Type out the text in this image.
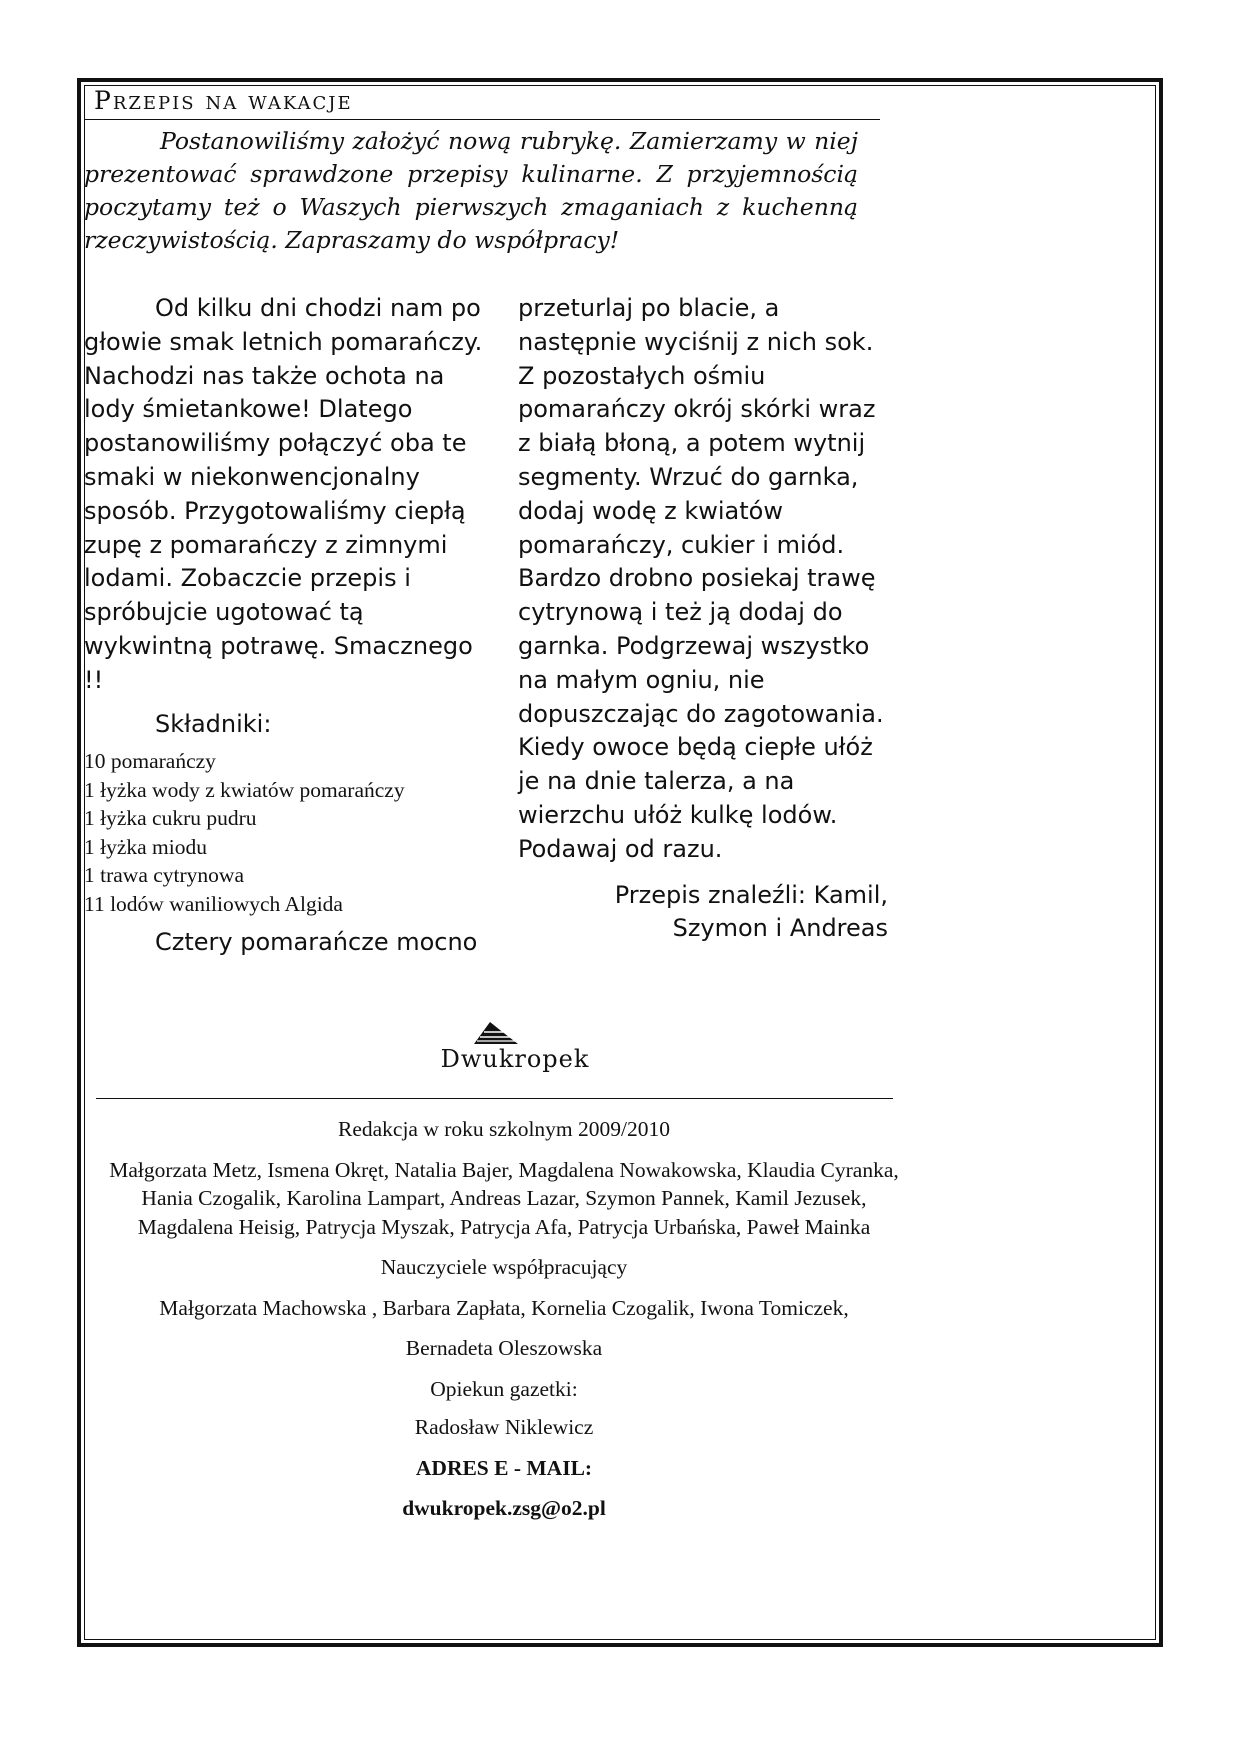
Przepis na wakacje
Postanowiliśmy założyć nową rubrykę. Zamierzamy w niej prezentować sprawdzone przepisy kulinarne. Z przyjemnością poczytamy też o Waszych pierwszych zmaganiach z kuchenną rzeczywistością. Zapraszamy do współpracy!

Od kilku dni chodzi nam po głowie smak letnich pomarańczy. Nachodzi nas także ochota na lody śmietankowe! Dlatego postanowiliśmy połączyć oba te smaki w niekonwencjonalny sposób. Przygotowaliśmy ciepłą zupę z pomarańczy z zimnymi lodami. Zobaczcie przepis i spróbujcie ugotować tą wykwintną potrawę. Smacznego !!

Składniki:

10 pomarańczy
1 łyżka wody z kwiatów pomarańczy
1 łyżka cukru pudru
1 łyżka miodu
1 trawa cytrynowa
11 lodów waniliowych Algida

Cztery pomarańcze mocno

przeturlaj po blacie, a następnie wyciśnij z nich sok. Z pozostałych ośmiu pomarańczy okrój skórki wraz z białą błoną, a potem wytnij segmenty. Wrzuć do garnka, dodaj wodę z kwiatów pomarańczy, cukier i miód.

Bardzo drobno posiekaj trawę cytrynową i też ją dodaj do garnka. Podgrzewaj wszystko na małym ogniu, nie dopuszczając do zagotowania. Kiedy owoce będą ciepłe ułóż je na dnie talerza, a na wierzchu ułóż kulkę lodów. Podawaj od razu.

Przepis znaleźli: Kamil, Szymon i Andreas

Dwukropek

Redakcja w roku szkolnym 2009/2010

Małgorzata Metz, Ismena Okręt, Natalia Bajer, Magdalena Nowakowska, Klaudia Cyranka, Hania Czogalik, Karolina Lampart, Andreas Lazar, Szymon Pannek, Kamil Jezusek, Magdalena Heisig, Patrycja Myszak, Patrycja Afa, Patrycja Urbańska, Paweł Mainka

Nauczyciele współpracujący

Małgorzata Machowska , Barbara Zapłata, Kornelia Czogalik, Iwona Tomiczek,

Bernadeta Oleszowska

Opiekun gazetki:

Radosław Niklewicz

ADRES E - MAIL:

dwukropek.zsg@o2.pl
